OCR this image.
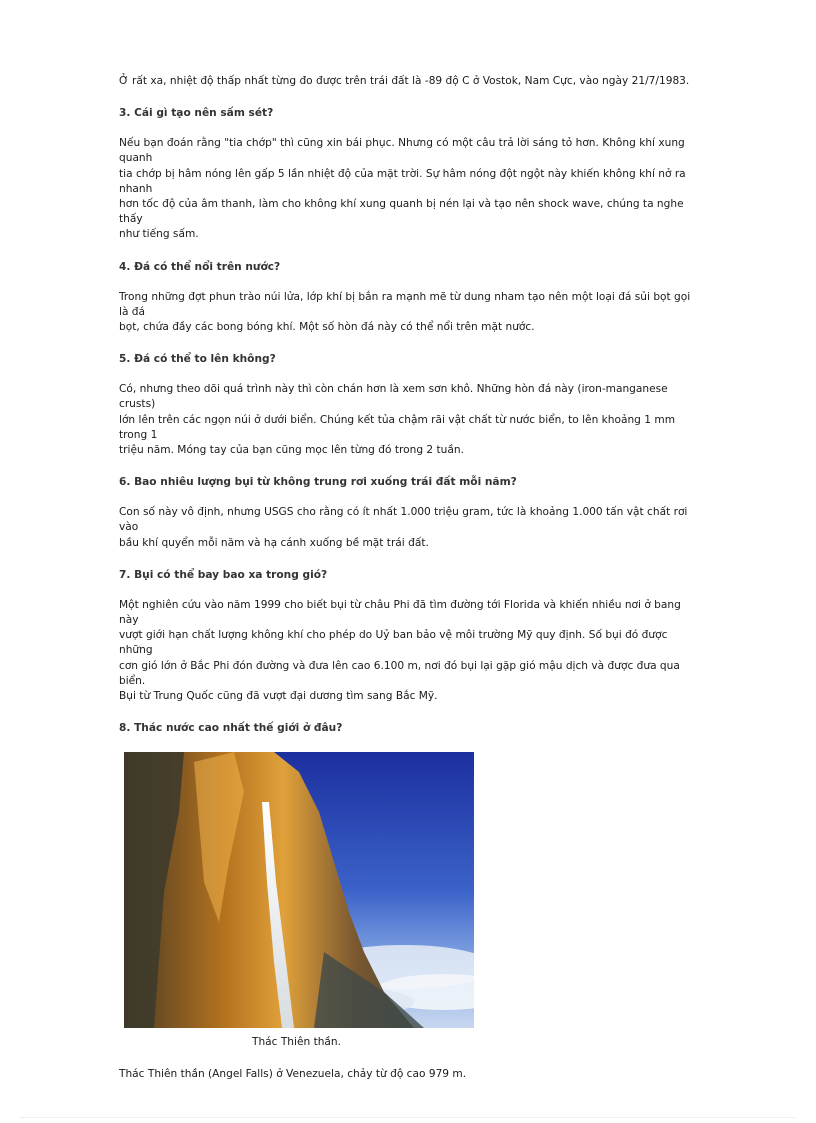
Ở rất xa, nhiệt độ thấp nhất từng đo được trên trái đất là -89 độ C ở Vostok, Nam Cực, vào ngày 21/7/1983.

3. Cái gì tạo nên sấm sét?

Nếu bạn đoán rằng "tia chớp" thì cũng xin bái phục. Nhưng có một câu trả lời sáng tỏ hơn. Không khí xung quanh

tia chớp bị hâm nóng lên gấp 5 lần nhiệt độ của mặt trời. Sự hâm nóng đột ngột này khiến không khí nở ra nhanh

hơn tốc độ của âm thanh, làm cho không khí xung quanh bị nén lại và tạo nên shock wave, chúng ta nghe thấy

như tiếng sấm.

4. Đá có thể nổi trên nước?

Trong những đợt phun trào núi lửa, lớp khí bị bắn ra mạnh mẽ từ dung nham tạo nên một loại đá sủi bọt gọi là đá

bọt, chứa đầy các bong bóng khí. Một số hòn đá này có thể nổi trên mặt nước.

5. Đá có thể to lên không?

Có, nhưng theo dõi quá trình này thì còn chán hơn là xem sơn khô. Những hòn đá này (iron-manganese crusts)

lớn lên trên các ngọn núi ở dưới biển. Chúng kết tủa chậm rãi vật chất từ nước biển, to lên khoảng 1 mm trong 1

triệu năm. Móng tay của bạn cũng mọc lên từng đó trong 2 tuần.

6. Bao nhiêu lượng bụi từ không trung rơi xuống trái đất mỗi năm?

Con số này vô định, nhưng USGS cho rằng có ít nhất 1.000 triệu gram, tức là khoảng 1.000 tấn vật chất rơi vào

bầu khí quyển mỗi năm và hạ cánh xuống bề mặt trái đất.

7. Bụi có thể bay bao xa trong gió?

Một nghiên cứu vào năm 1999 cho biết bụi từ châu Phi đã tìm đường tới Florida và khiến nhiều nơi ở bang này

vượt giới hạn chất lượng không khí cho phép do Uỷ ban bảo vệ môi trường Mỹ quy định. Số bụi đó được những

cơn gió lớn ở Bắc Phi đón đường và đưa lên cao 6.100 m, nơi đó bụi lại gặp gió mậu dịch và được đưa qua biển.

Bụi từ Trung Quốc cũng đã vượt đại dương tìm sang Bắc Mỹ.

8. Thác nước cao nhất thế giới ở đâu?

Thác Thiên thần.

Thác Thiên thần (Angel Falls) ở Venezuela, chảy từ độ cao 979 m.
